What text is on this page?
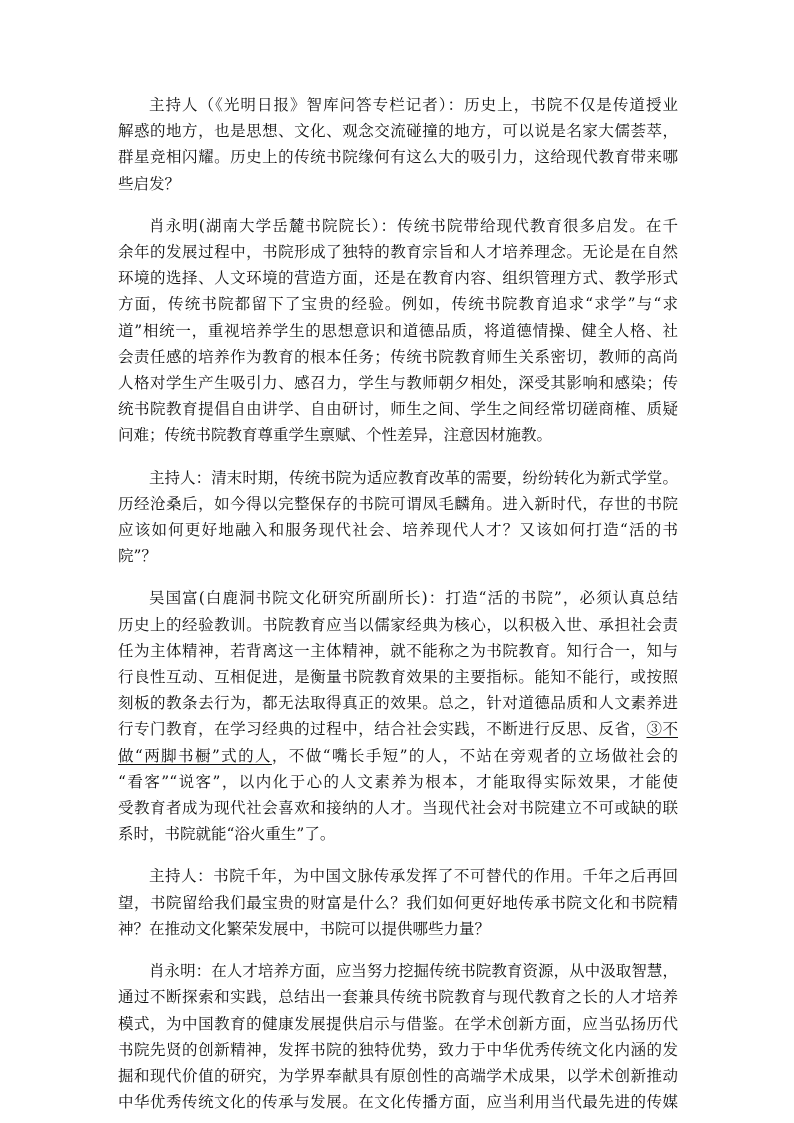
主持人（《光明日报》智库问答专栏记者）：历史上，书院不仅是传道授业
解惑的地方，也是思想、文化、观念交流碰撞的地方，可以说是名家大儒荟萃，
群星竞相闪耀。历史上的传统书院缘何有这么大的吸引力，这给现代教育带来哪
些启发？
肖永明(湖南大学岳麓书院院长）：传统书院带给现代教育很多启发。在千
余年的发展过程中，书院形成了独特的教育宗旨和人才培养理念。无论是在自然
环境的选择、人文环境的营造方面，还是在教育内容、组织管理方式、教学形式
方面，传统书院都留下了宝贵的经验。例如，传统书院教育追求“求学”与“求
道”相统一，重视培养学生的思想意识和道德品质，将道德情操、健全人格、社
会责任感的培养作为教育的根本任务；传统书院教育师生关系密切，教师的高尚
人格对学生产生吸引力、感召力，学生与教师朝夕相处，深受其影响和感染；传
统书院教育提倡自由讲学、自由研讨，师生之间、学生之间经常切磋商榷、质疑
问难；传统书院教育尊重学生禀赋、个性差异，注意因材施教。
主持人：清末时期，传统书院为适应教育改革的需要，纷纷转化为新式学堂。
历经沧桑后，如今得以完整保存的书院可谓凤毛麟角。进入新时代，存世的书院
应该如何更好地融入和服务现代社会、培养现代人才？又该如何打造“活的书
院”？
吴国富(白鹿洞书院文化研究所副所长)：打造“活的书院”，必须认真总结
历史上的经验教训。书院教育应当以儒家经典为核心，以积极入世、承担社会责
任为主体精神，若背离这一主体精神，就不能称之为书院教育。知行合一，知与
行良性互动、互相促进，是衡量书院教育效果的主要指标。能知不能行，或按照
刻板的教条去行为，都无法取得真正的效果。总之，针对道德品质和人文素养进
行专门教育，在学习经典的过程中，结合社会实践，不断进行反思、反省，③不
做“两脚书橱”式的人，不做“嘴长手短”的人，不站在旁观者的立场做社会的
“看客”“说客”，以内化于心的人文素养为根本，才能取得实际效果，才能使
受教育者成为现代社会喜欢和接纳的人才。当现代社会对书院建立不可或缺的联
系时，书院就能“浴火重生”了。
主持人：书院千年，为中国文脉传承发挥了不可替代的作用。千年之后再回
望，书院留给我们最宝贵的财富是什么？我们如何更好地传承书院文化和书院精
神？在推动文化繁荣发展中，书院可以提供哪些力量？
肖永明：在人才培养方面，应当努力挖掘传统书院教育资源，从中汲取智慧，
通过不断探索和实践，总结出一套兼具传统书院教育与现代教育之长的人才培养
模式，为中国教育的健康发展提供启示与借鉴。在学术创新方面，应当弘扬历代
书院先贤的创新精神，发挥书院的独特优势，致力于中华优秀传统文化内涵的发
掘和现代价值的研究，为学界奉献具有原创性的高端学术成果，以学术创新推动
中华优秀传统文化的传承与发展。在文化传播方面，应当利用当代最先进的传媒
